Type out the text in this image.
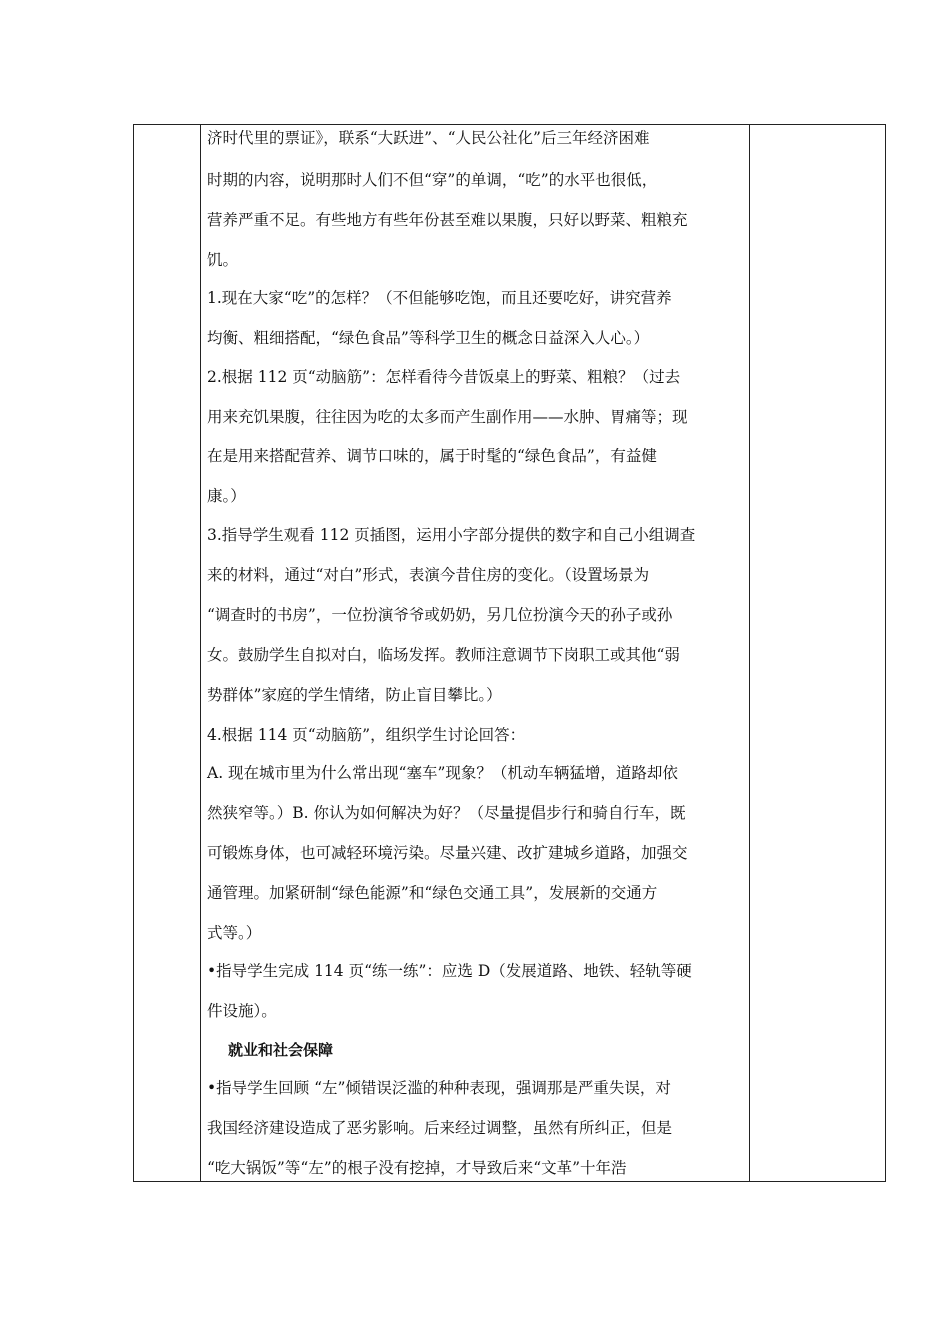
济时代里的票证》，联系“大跃进”、“人民公社化”后三年经济困难
时期的内容，说明那时人们不但“穿”的单调，“吃”的水平也很低，
营养严重不足。有些地方有些年份甚至难以果腹，只好以野菜、粗粮充
饥。
1.现在大家“吃”的怎样？（不但能够吃饱，而且还要吃好，讲究营养
均衡、粗细搭配，“绿色食品”等科学卫生的概念日益深入人心。）
2.根据 112 页“动脑筋”：怎样看待今昔饭桌上的野菜、粗粮？（过去
用来充饥果腹，往往因为吃的太多而产生副作用——水肿、胃痛等；现
在是用来搭配营养、调节口味的，属于时髦的“绿色食品”，有益健
康。）
3.指导学生观看 112 页插图，运用小字部分提供的数字和自己小组调查
来的材料，通过“对白”形式，表演今昔住房的变化。（设置场景为
“调查时的书房”，一位扮演爷爷或奶奶，另几位扮演今天的孙子或孙
女。鼓励学生自拟对白，临场发挥。教师注意调节下岗职工或其他“弱
势群体”家庭的学生情绪，防止盲目攀比。）
4.根据 114 页“动脑筋”，组织学生讨论回答：
A. 现在城市里为什么常出现“塞车”现象？（机动车辆猛增，道路却依
然狭窄等。）B. 你认为如何解决为好？（尽量提倡步行和骑自行车，既
可锻炼身体，也可减轻环境污染。尽量兴建、改扩建城乡道路，加强交
通管理。加紧研制“绿色能源”和“绿色交通工具”，发展新的交通方
式等。）
•指导学生完成 114 页“练一练”：应选 D（发展道路、地铁、轻轨等硬
件设施）。
就业和社会保障
•指导学生回顾 “左”倾错误泛滥的种种表现，强调那是严重失误，对
我国经济建设造成了恶劣影响。后来经过调整，虽然有所纠正，但是
“吃大锅饭”等“左”的根子没有挖掉，才导致后来“文革”十年浩
